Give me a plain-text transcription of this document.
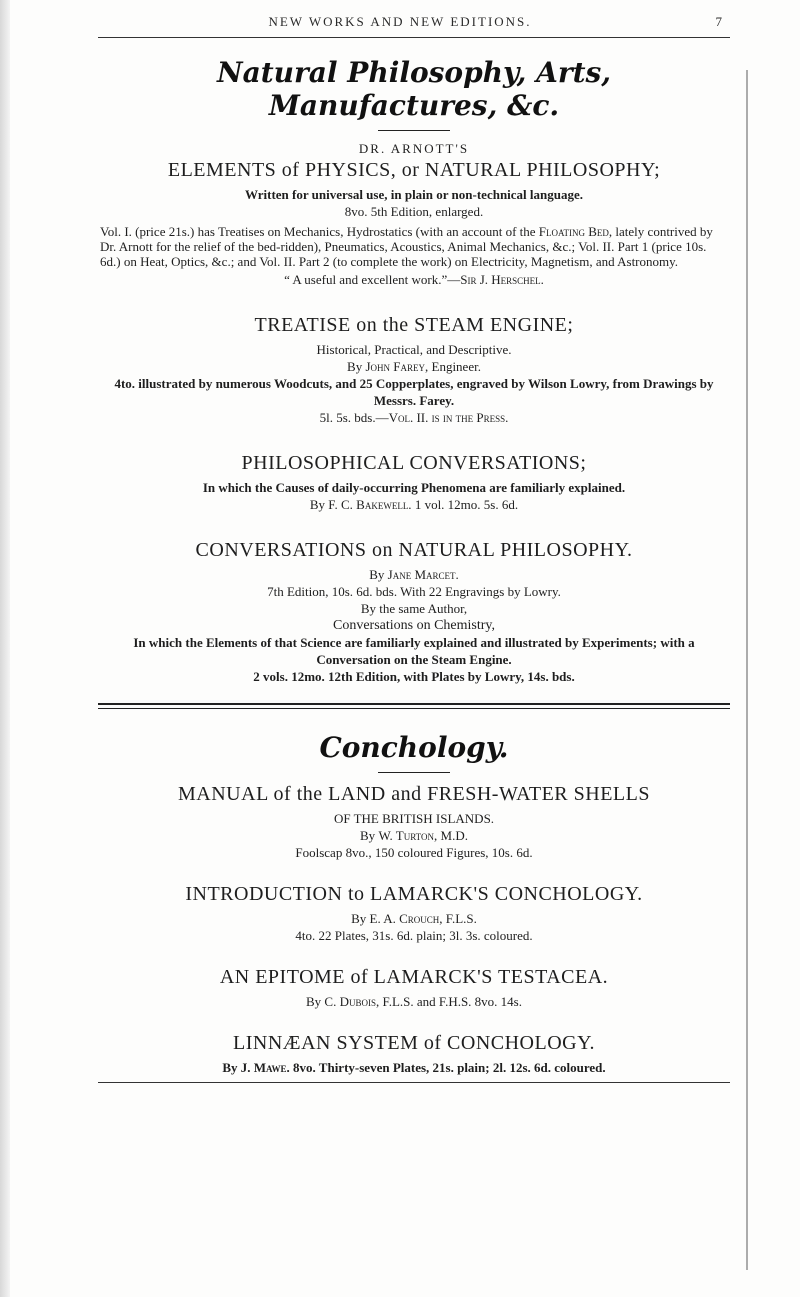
NEW WORKS AND NEW EDITIONS.	7
Natural Philosophy, Arts, Manufactures, &c.
DR. ARNOTT'S
ELEMENTS of PHYSICS, or NATURAL PHILOSOPHY;
Written for universal use, in plain or non-technical language.
8vo. 5th Edition, enlarged.
Vol. I. (price 21s.) has Treatises on Mechanics, Hydrostatics (with an account of the Floating Bed, lately contrived by Dr. Arnott for the relief of the bed-ridden), Pneumatics, Acoustics, Animal Mechanics, &c.; Vol. II. Part 1 (price 10s. 6d.) on Heat, Optics, &c.; and Vol. II. Part 2 (to complete the work) on Electricity, Magnetism, and Astronomy.
“ A useful and excellent work.”—Sir J. Herschel.
TREATISE on the STEAM ENGINE;
Historical, Practical, and Descriptive.
By John Farey, Engineer.
4to. illustrated by numerous Woodcuts, and 25 Copperplates, engraved by Wilson Lowry, from Drawings by Messrs. Farey.
5l. 5s. bds.—Vol. II. is in the Press.
PHILOSOPHICAL CONVERSATIONS;
In which the Causes of daily-occurring Phenomena are familiarly explained.
By F. C. Bakewell. 1 vol. 12mo. 5s. 6d.
CONVERSATIONS on NATURAL PHILOSOPHY.
By Jane Marcet.
7th Edition, 10s. 6d. bds. With 22 Engravings by Lowry.
By the same Author,
Conversations on Chemistry,
In which the Elements of that Science are familiarly explained and illustrated by Experiments; with a Conversation on the Steam Engine.
2 vols. 12mo. 12th Edition, with Plates by Lowry, 14s. bds.
Conchology.
MANUAL of the LAND and FRESH-WATER SHELLS
OF THE BRITISH ISLANDS.
By W. Turton, M.D.
Foolscap 8vo., 150 coloured Figures, 10s. 6d.
INTRODUCTION to LAMARCK'S CONCHOLOGY.
By E. A. Crouch, F.L.S.
4to. 22 Plates, 31s. 6d. plain; 3l. 3s. coloured.
AN EPITOME of LAMARCK'S TESTACEA.
By C. Dubois, F.L.S. and F.H.S. 8vo. 14s.
LINNÆAN SYSTEM of CONCHOLOGY.
By J. Mawe. 8vo. Thirty-seven Plates, 21s. plain; 2l. 12s. 6d. coloured.
